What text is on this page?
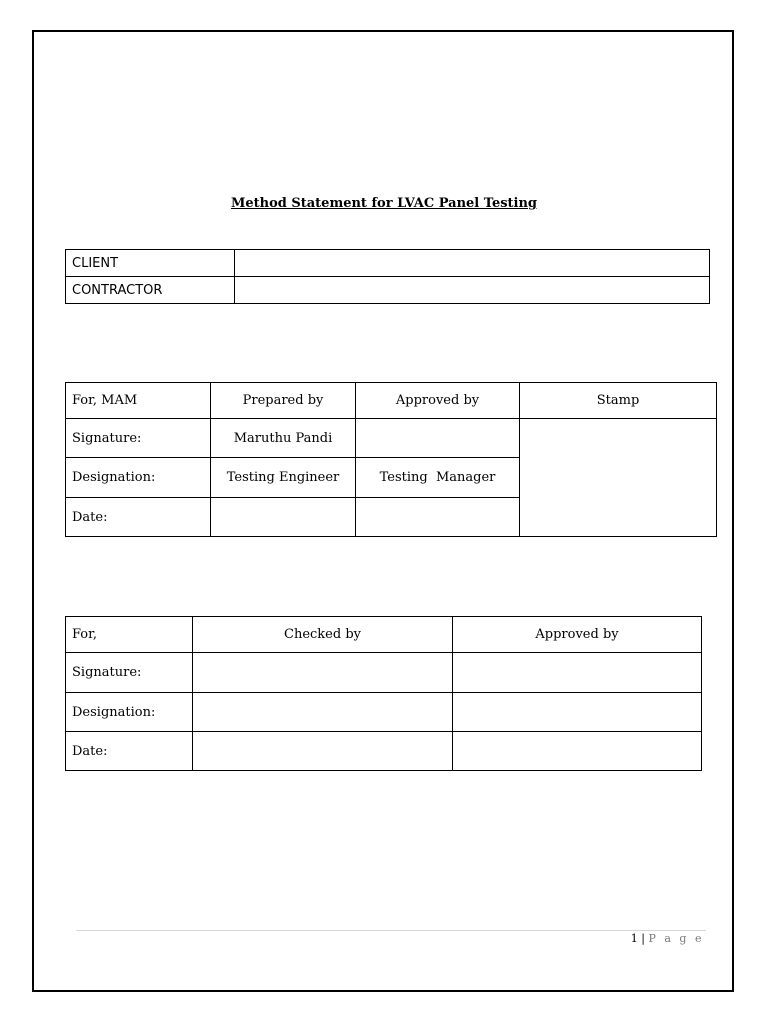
Method Statement for LVAC Panel Testing
CLIENT	
CONTRACTOR	
For, MAM	Prepared by	Approved by	Stamp
Signature:	Maruthu Pandi		
Designation:	Testing Engineer	Testing  Manager	
Date:			
For,	Checked by	Approved by
Signature:		
Designation:		
Date:		
1 | P a g e
